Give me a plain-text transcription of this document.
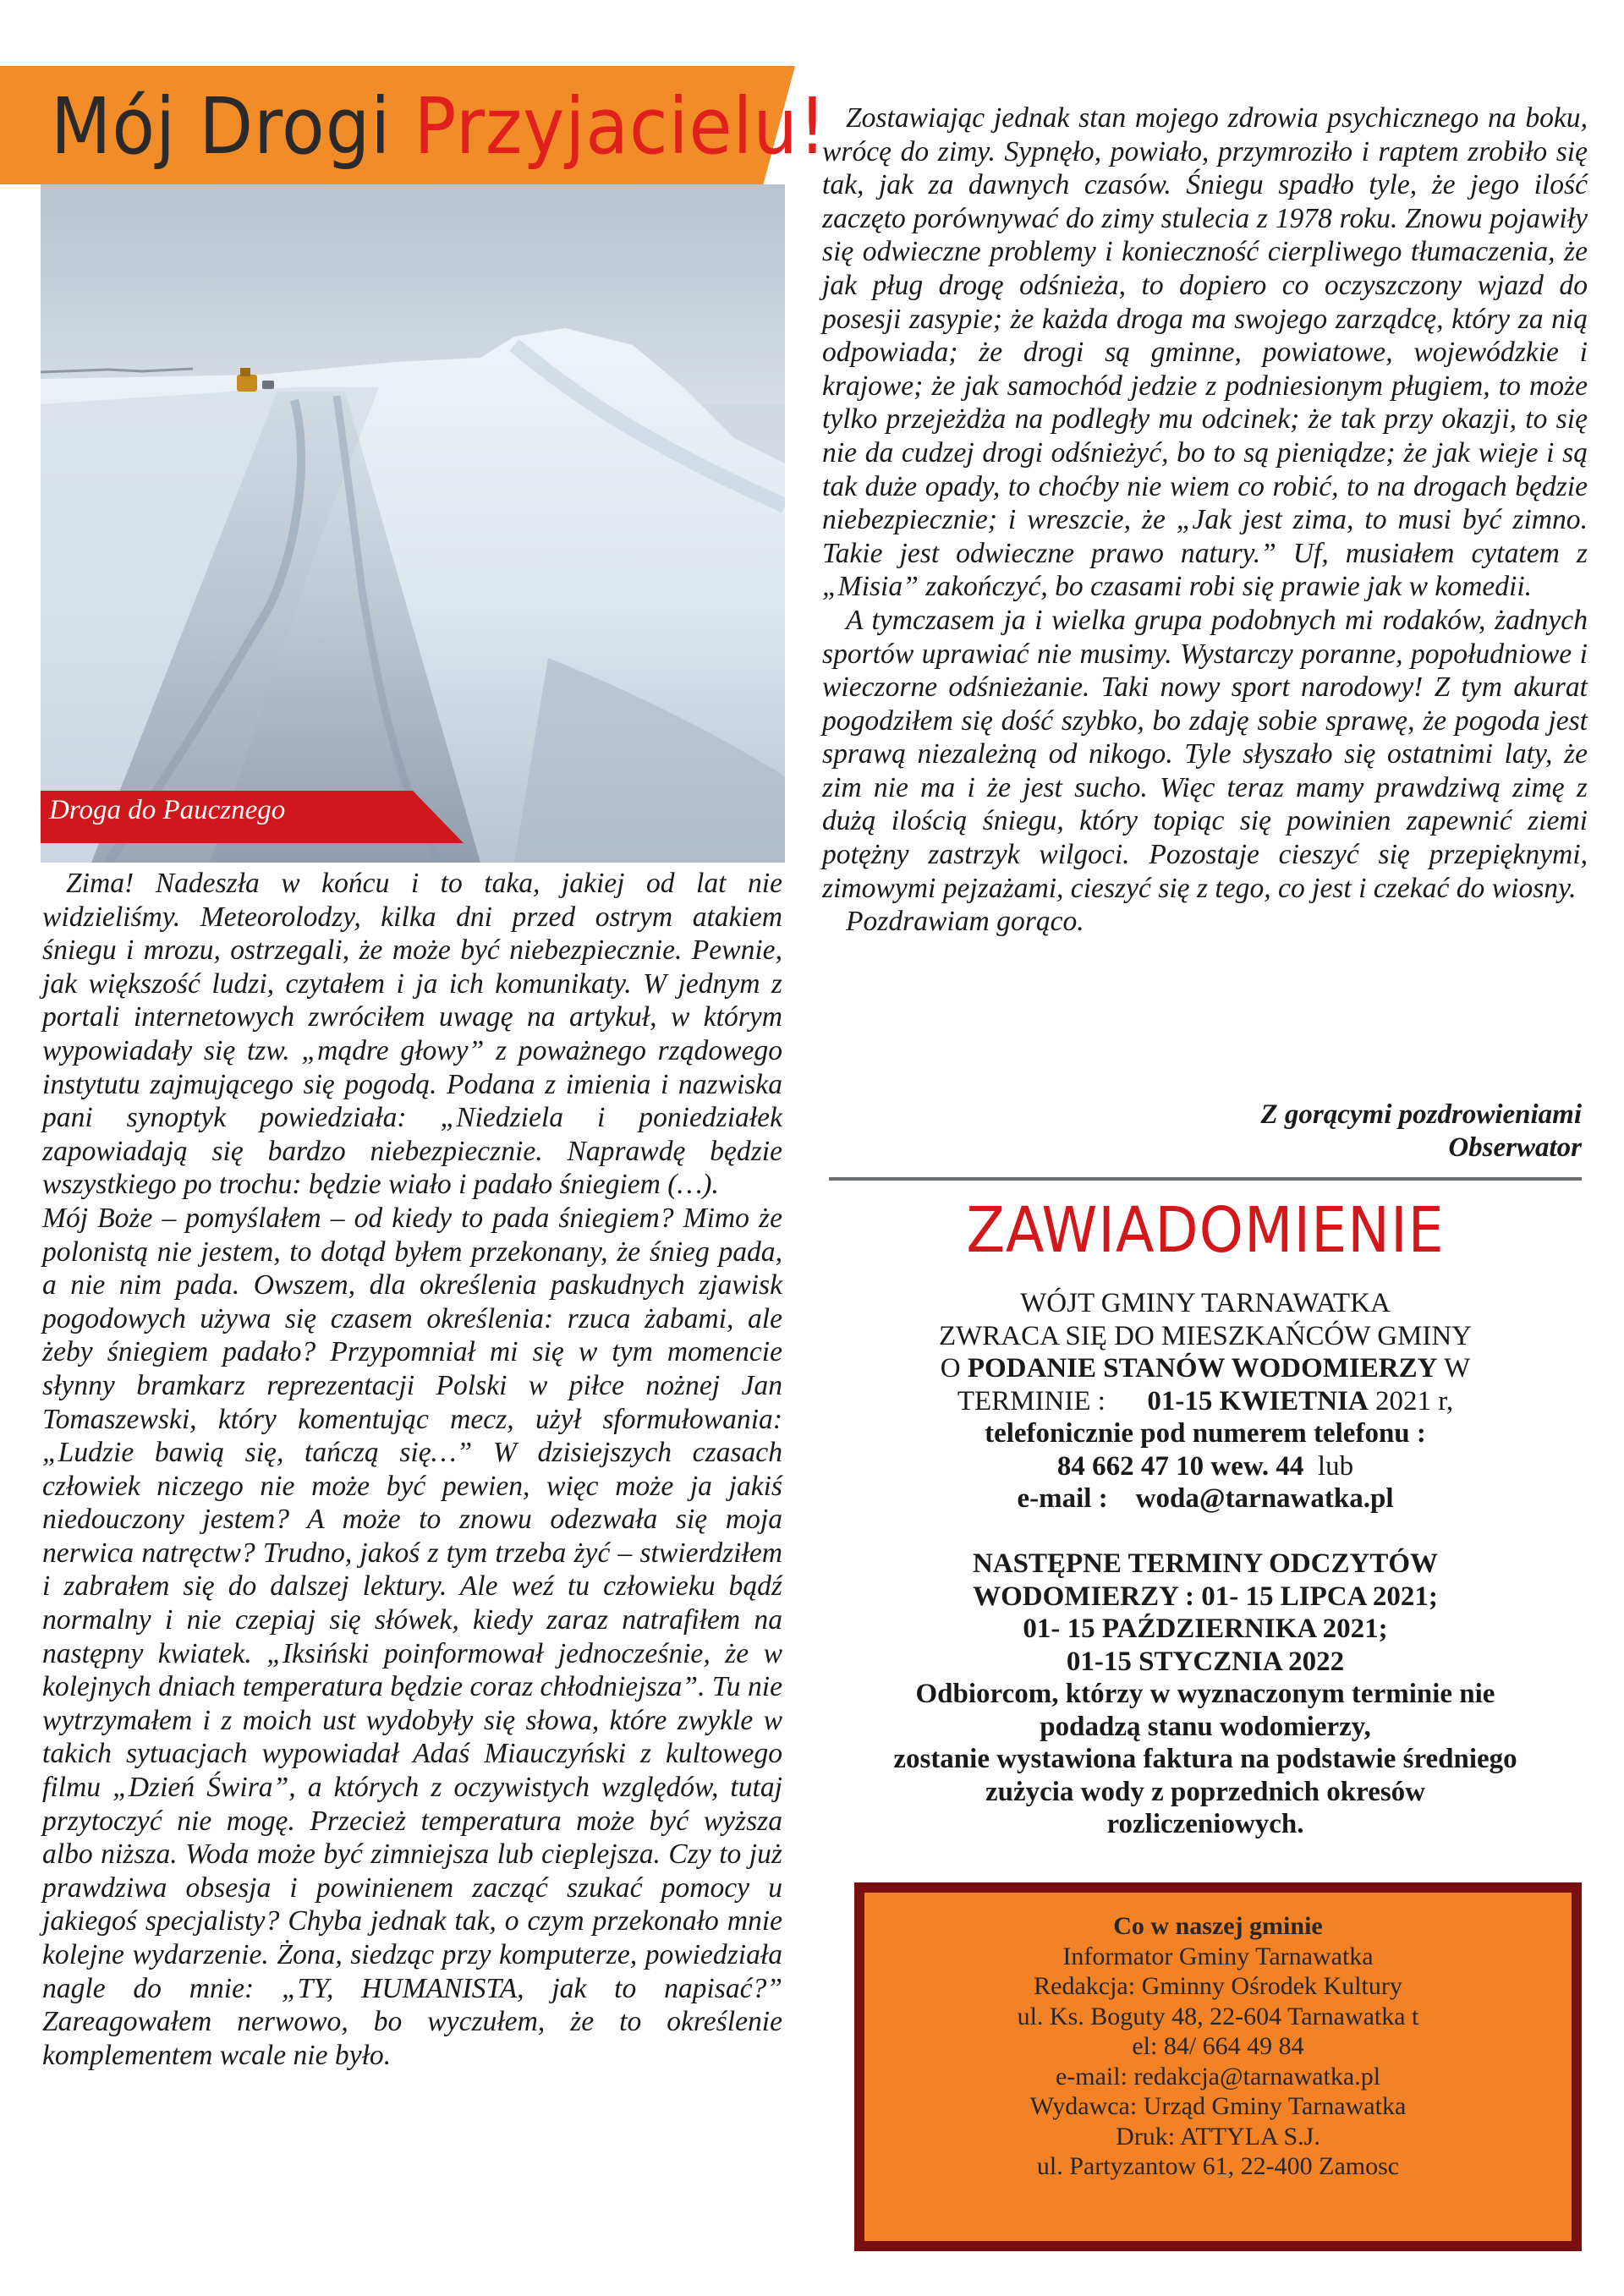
Mój Drogi Przyjacielu!
Droga do Paucznego

Zima! Nadeszła w końcu i to taka, jakiej od lat nie widzieliśmy. Meteorolodzy, kilka dni przed ostrym atakiem śniegu i mrozu, ostrzegali, że może być niebezpiecznie. Pewnie, jak większość ludzi, czytałem i ja ich komunikaty. W jednym z portali internetowych zwróciłem uwagę na artykuł, w którym wypowiadały się tzw. „mądre głowy” z poważnego rządowego instytutu zajmującego się pogodą. Podana z imienia i nazwiska pani synoptyk powiedziała: „Niedziela i poniedziałek zapowiadają się bardzo niebezpiecznie. Naprawdę będzie wszystkiego po trochu: będzie wiało i padało śniegiem (…).

Mój Boże – pomyślałem – od kiedy to pada śniegiem? Mimo że polonistą nie jestem, to dotąd byłem przekonany, że śnieg pada, a nie nim pada. Owszem, dla określenia paskudnych zjawisk pogodowych używa się czasem określenia: rzuca żabami, ale żeby śniegiem padało? Przypomniał mi się w tym momencie słynny bramkarz reprezentacji Polski w piłce nożnej Jan Tomaszewski, który komentując mecz, użył sformułowania: „Ludzie bawią się, tańczą się…” W dzisiejszych czasach człowiek niczego nie może być pewien, więc może ja jakiś niedouczony jestem? A może to znowu odezwała się moja nerwica natręctw? Trudno, jakoś z tym trzeba żyć – stwierdziłem i zabrałem się do dalszej lektury. Ale weź tu człowieku bądź normalny i nie czepiaj się słówek, kiedy zaraz natrafiłem na następny kwiatek. „Iksiński poinformował jednocześnie, że w kolejnych dniach temperatura będzie coraz chłodniejsza”. Tu nie wytrzymałem i z moich ust wydobyły się słowa, które zwykle w takich sytuacjach wypowiadał Adaś Miauczyński z kultowego filmu „Dzień Świra”, a których z oczywistych względów, tutaj przytoczyć nie mogę. Przecież temperatura może być wyższa albo niższa. Woda może być zimniejsza lub cieplejsza. Czy to już prawdziwa obsesja i powinienem zacząć szukać pomocy u jakiegoś specjalisty? Chyba jednak tak, o czym przekonało mnie kolejne wydarzenie. Żona, siedząc przy komputerze, powiedziała nagle do mnie: „TY, HUMANISTA, jak to napisać?” Zareagowałem nerwowo, bo wyczułem, że to określenie komplementem wcale nie było.

Zostawiając jednak stan mojego zdrowia psychicznego na boku, wrócę do zimy. Sypnęło, powiało, przymroziło i raptem zrobiło się tak, jak za dawnych czasów. Śniegu spadło tyle, że jego ilość zaczęto porównywać do zimy stulecia z 1978 roku. Znowu pojawiły się odwieczne problemy i konieczność cierpliwego tłumaczenia, że jak pług drogę odśnieża, to dopiero co oczyszczony wjazd do posesji zasypie; że każda droga ma swojego zarządcę, który za nią odpowiada; że drogi są gminne, powiatowe, wojewódzkie i krajowe; że jak samochód jedzie z podniesionym pługiem, to może tylko przejeżdża na podległy mu odcinek; że tak przy okazji, to się nie da cudzej drogi odśnieżyć, bo to są pieniądze; że jak wieje i są tak duże opady, to choćby nie wiem co robić, to na drogach będzie niebezpiecznie; i wreszcie, że „Jak jest zima, to musi być zimno. Takie jest odwieczne prawo natury.” Uf, musiałem cytatem z „Misia” zakończyć, bo czasami robi się prawie jak w komedii.

A tymczasem ja i wielka grupa podobnych mi rodaków, żadnych sportów uprawiać nie musimy. Wystarczy poranne, popołudniowe i wieczorne odśnieżanie. Taki nowy sport narodowy! Z tym akurat pogodziłem się dość szybko, bo zdaję sobie sprawę, że pogoda jest sprawą niezależną od nikogo. Tyle słyszało się ostatnimi laty, że zim nie ma i że jest sucho. Więc teraz mamy prawdziwą zimę z dużą ilością śniegu, który topiąc się powinien zapewnić ziemi potężny zastrzyk wilgoci. Pozostaje cieszyć się przepięknymi, zimowymi pejzażami, cieszyć się z tego, co jest i czekać do wiosny.

Pozdrawiam gorąco.

Z gorącymi pozdrowieniami
Obserwator
ZAWIADOMIENIE
WÓJT GMINY TARNAWATKA
ZWRACA SIĘ DO MIESZKAŃCÓW GMINY
O PODANIE STANÓW WODOMIERZY W
TERMINIE :      01-15 KWIETNIA 2021 r,
telefonicznie pod numerem telefonu :
84 662 47 10 wew. 44  lub
e-mail :    woda@tarnawatka.pl
NASTĘPNE TERMINY ODCZYTÓW
WODOMIERZY : 01- 15 LIPCA 2021;
01- 15 PAŹDZIERNIKA 2021;
01-15 STYCZNIA 2022
Odbiorcom, którzy w wyznaczonym terminie nie
podadzą stanu wodomierzy,
zostanie wystawiona faktura na podstawie średniego
zużycia wody z poprzednich okresów
rozliczeniowych.
Co w naszej gminie
Informator Gminy Tarnawatka
Redakcja: Gminny Ośrodek Kultury
ul. Ks. Boguty 48, 22-604 Tarnawatka t
el: 84/ 664 49 84
e-mail: redakcja@tarnawatka.pl
Wydawca: Urząd Gminy Tarnawatka
Druk: ATTYLA S.J.
ul. Partyzantow 61, 22-400 Zamosc
